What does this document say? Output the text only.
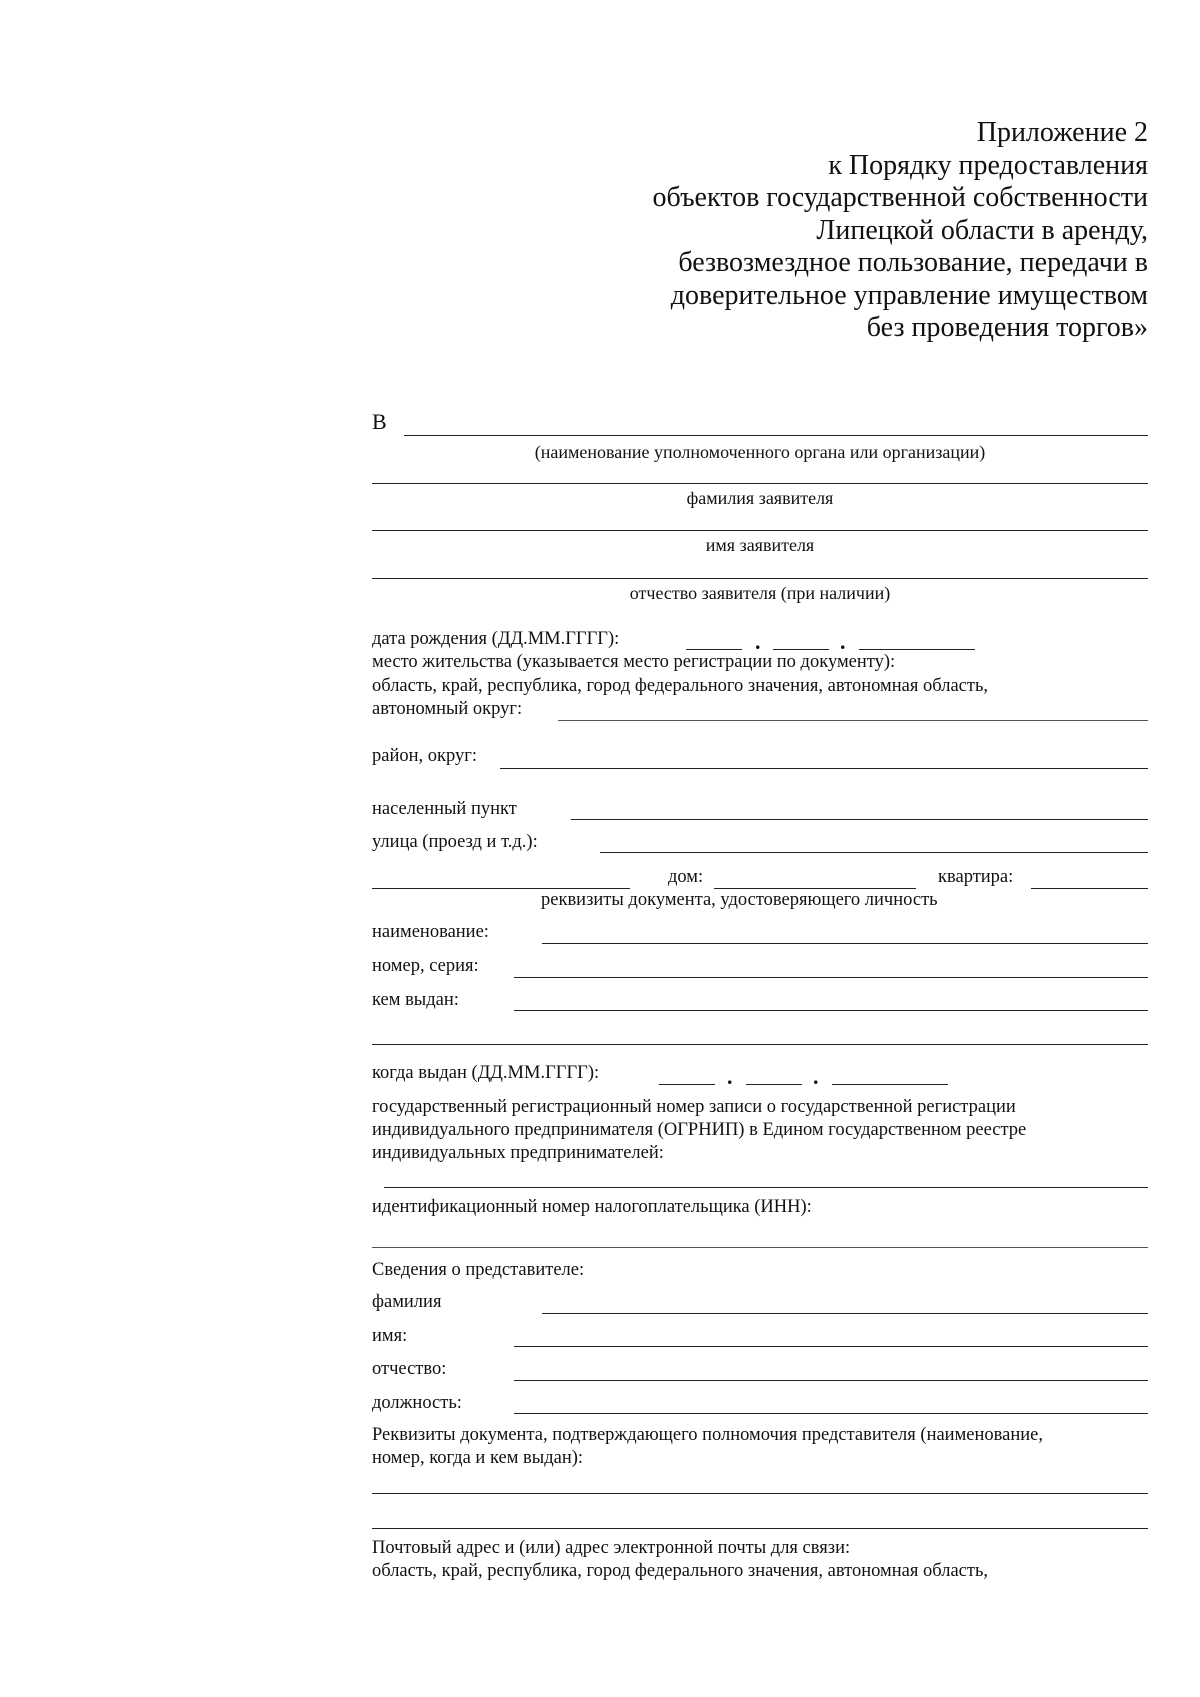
Приложение 2
к Порядку предоставления
объектов государственной собственности
Липецкой области в аренду,
безвозмездное пользование, передачи в
доверительное управление имуществом
без проведения торгов»
В
(наименование уполномоченного органа или организации)
фамилия заявителя
имя заявителя
отчество заявителя (при наличии)
дата рождения (ДД.ММ.ГГГГ):	.	.
место жительства (указывается место регистрации по документу):
область, край, республика, город федерального значения, автономная область,
автономный округ:
район, округ:
населенный пункт
улица (проезд и т.д.):
дом:	квартира:
реквизиты документа, удостоверяющего личность
наименование:
номер, серия:
кем выдан:
когда выдан (ДД.ММ.ГГГГ):	.	.
государственный регистрационный номер записи о государственной регистрации
индивидуального предпринимателя (ОГРНИП) в Едином государственном реестре
индивидуальных предпринимателей:
идентификационный номер налогоплательщика (ИНН):
Сведения о представителе:
фамилия
имя:
отчество:
должность:
Реквизиты документа, подтверждающего полномочия представителя (наименование,
номер, когда и кем выдан):
Почтовый адрес и (или) адрес электронной почты для связи:
область, край, республика, город федерального значения, автономная область,
